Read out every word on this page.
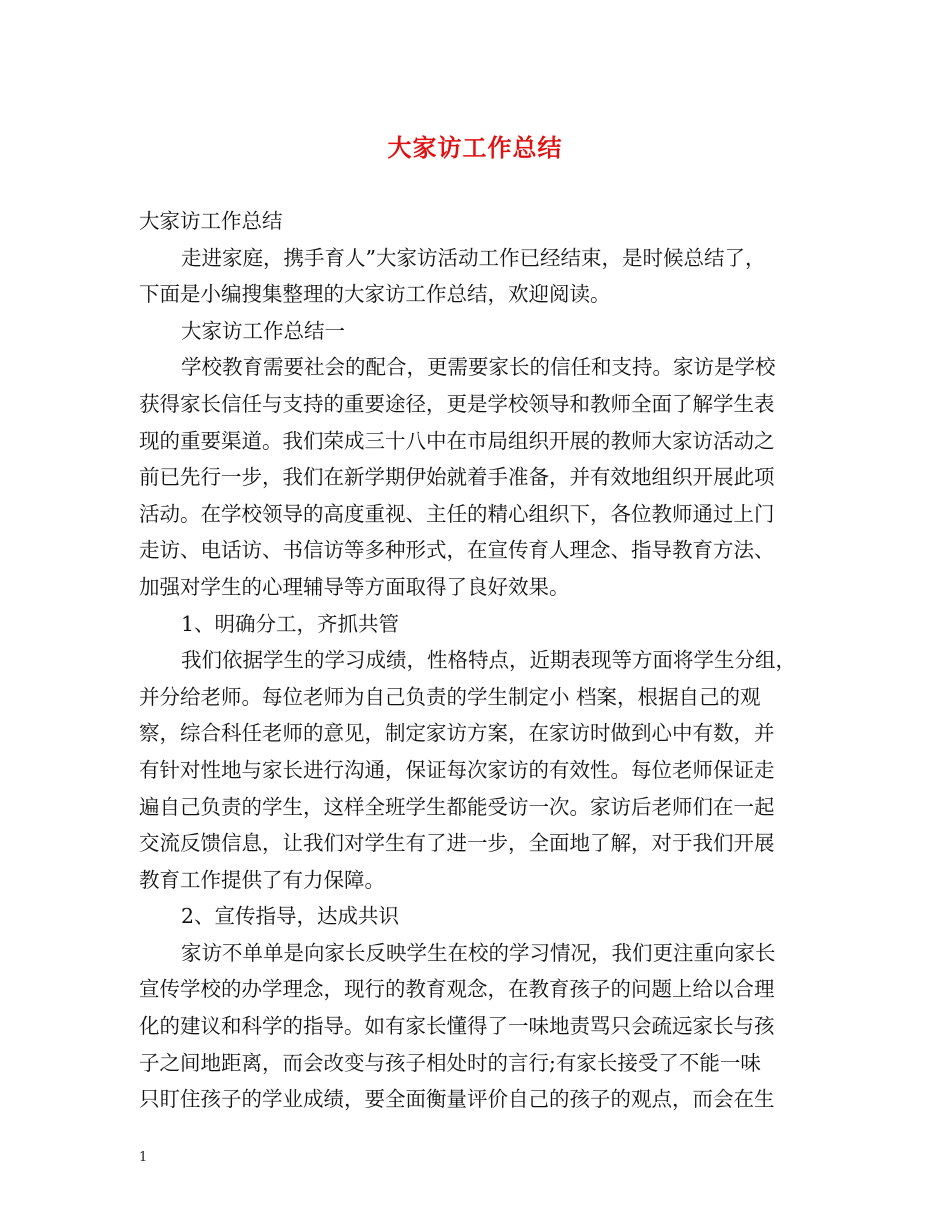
大家访工作总结
大家访工作总结
走进家庭，携手育人”大家访活动工作已经结束，是时候总结了，
下面是小编搜集整理的大家访工作总结，欢迎阅读。
大家访工作总结一
学校教育需要社会的配合，更需要家长的信任和支持。家访是学校
获得家长信任与支持的重要途径，更是学校领导和教师全面了解学生表
现的重要渠道。我们荣成三十八中在市局组织开展的教师大家访活动之
前已先行一步，我们在新学期伊始就着手准备，并有效地组织开展此项
活动。在学校领导的高度重视、主任的精心组织下，各位教师通过上门
走访、电话访、书信访等多种形式，在宣传育人理念、指导教育方法、
加强对学生的心理辅导等方面取得了良好效果。
1、明确分工，齐抓共管
我们依据学生的学习成绩，性格特点，近期表现等方面将学生分组，
并分给老师。每位老师为自己负责的学生制定小 档案，根据自己的观
察，综合科任老师的意见，制定家访方案，在家访时做到心中有数，并
有针对性地与家长进行沟通，保证每次家访的有效性。每位老师保证走
遍自己负责的学生，这样全班学生都能受访一次。家访后老师们在一起
交流反馈信息，让我们对学生有了进一步，全面地了解，对于我们开展
教育工作提供了有力保障。
2、宣传指导，达成共识
家访不单单是向家长反映学生在校的学习情况，我们更注重向家长
宣传学校的办学理念，现行的教育观念，在教育孩子的问题上给以合理
化的建议和科学的指导。如有家长懂得了一味地责骂只会疏远家长与孩
子之间地距离，而会改变与孩子相处时的言行;有家长接受了不能一味
只盯住孩子的学业成绩，要全面衡量评价自己的孩子的观点，而会在生
1
